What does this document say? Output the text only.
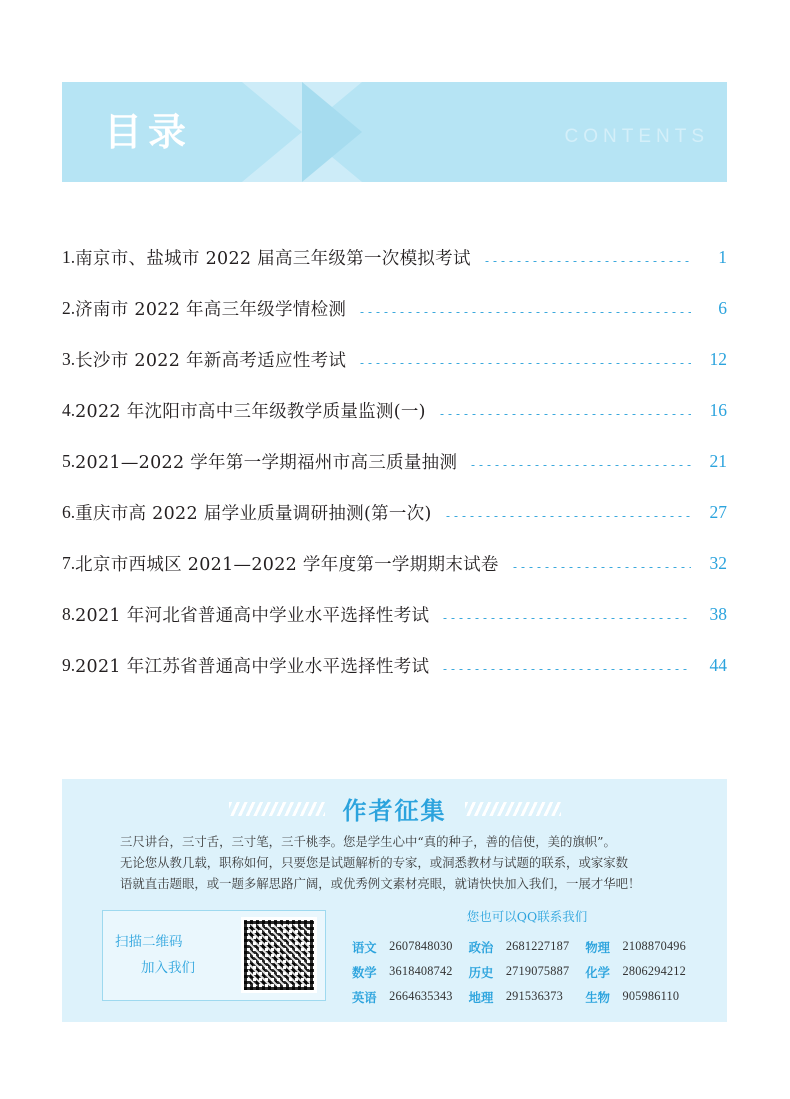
目录	CONTENTS
1. 南京市、盐城市 2022 届高三年级第一次模拟考试	1
2. 济南市 2022 年高三年级学情检测	6
3. 长沙市 2022 年新高考适应性考试	12
4. 2022 年沈阳市高中三年级教学质量监测(一)	16
5. 2021—2022 学年第一学期福州市高三质量抽测	21
6. 重庆市高 2022 届学业质量调研抽测(第一次)	27
7. 北京市西城区 2021—2022 学年度第一学期期末试卷	32
8. 2021 年河北省普通高中学业水平选择性考试	38
9. 2021 年江苏省普通高中学业水平选择性考试	44
作者征集

三尺讲台，三寸舌，三寸笔，三千桃李。您是学生心中“真的种子，善的信使，美的旗帜”。

无论您从教几载，职称如何，只要您是试题解析的专家，或洞悉教材与试题的联系，或家家数

语就直击题眼，或一题多解思路广阔，或优秀例文素材亮眼，就请快快加入我们，一展才华吧！

扫描二维码
加入我们
您也可以QQ联系我们
语文	2607848030	政治	2681227187	物理	2108870496
数学	3618408742	历史	2719075887	化学	2806294212
英语	2664635343	地理	291536373	生物	905986110
